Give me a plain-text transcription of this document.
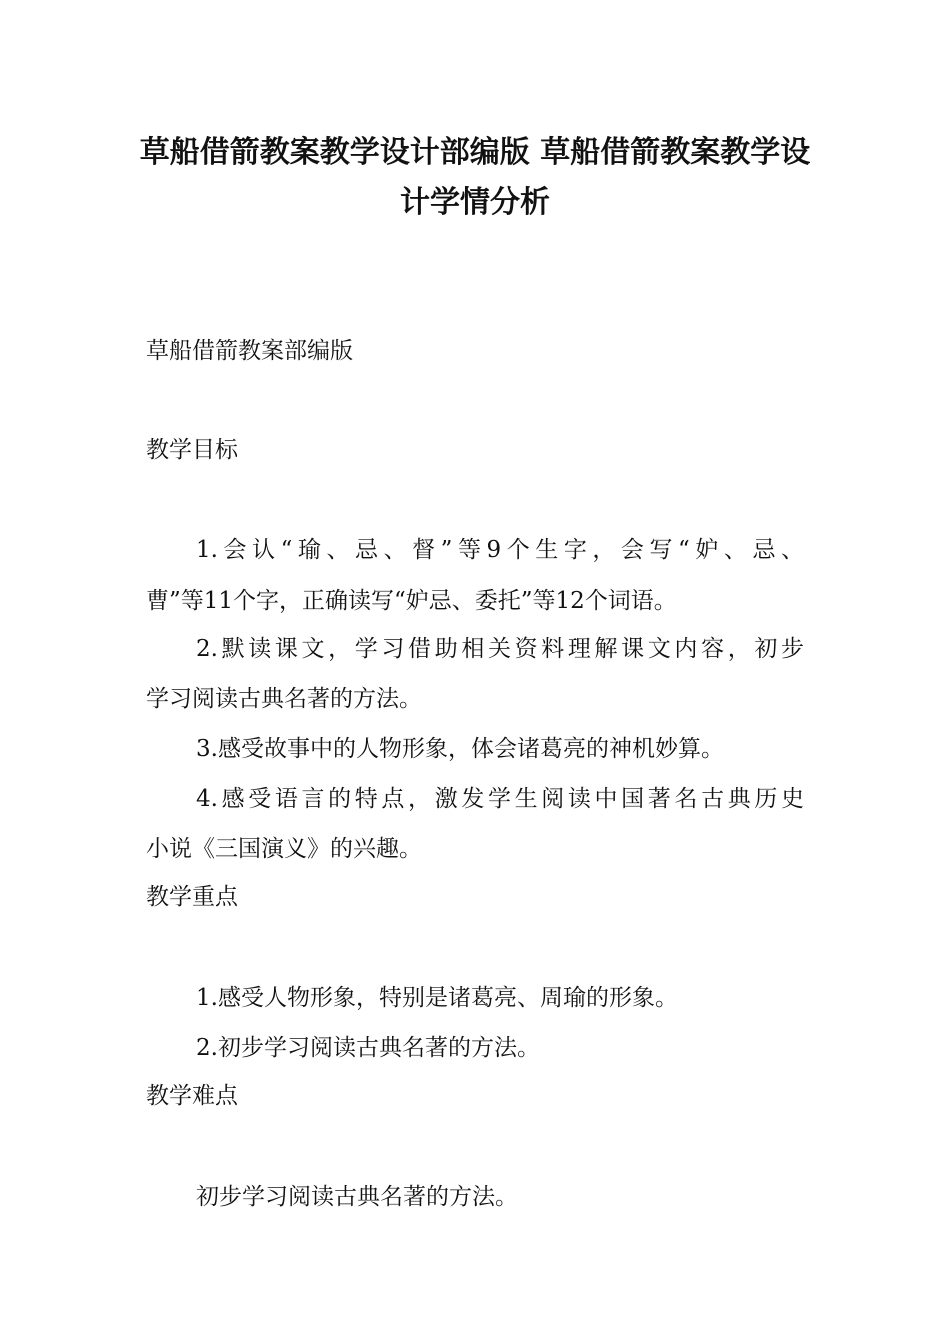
草船借箭教案教学设计部编版 草船借箭教案教学设
计学情分析
草船借箭教案部编版
教学目标
1.会认“瑜、忌、督”等9个生字，会写“妒、忌、
曹”等11个字，正确读写“妒忌、委托”等12个词语。
2.默读课文，学习借助相关资料理解课文内容，初步
学习阅读古典名著的方法。
3.感受故事中的人物形象，体会诸葛亮的神机妙算。
4.感受语言的特点，激发学生阅读中国著名古典历史
小说《三国演义》的兴趣。
教学重点
1.感受人物形象，特别是诸葛亮、周瑜的形象。
2.初步学习阅读古典名著的方法。
教学难点
初步学习阅读古典名著的方法。
